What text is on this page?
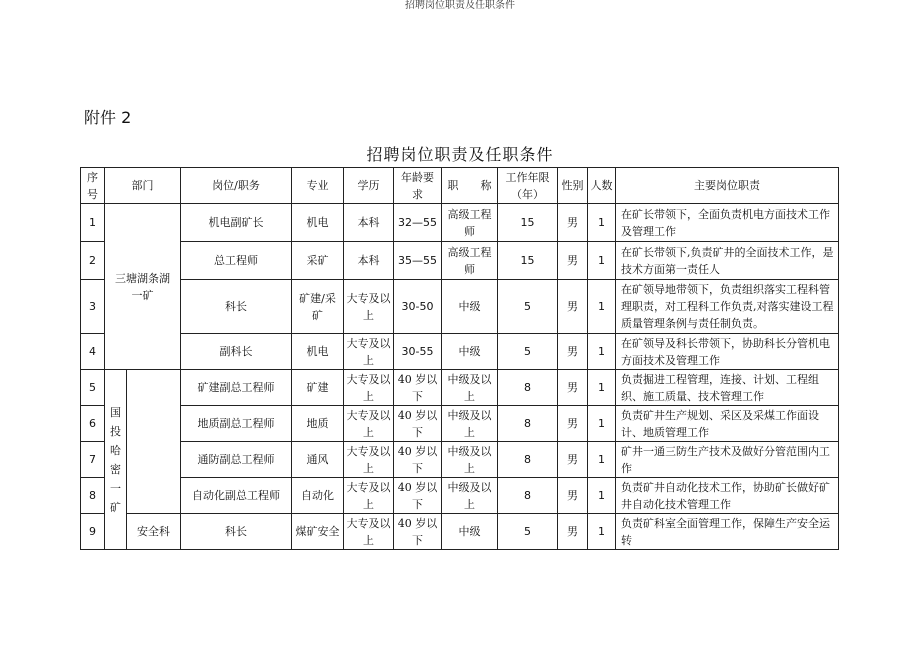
招聘岗位职责及任职条件
附件 2
招聘岗位职责及任职条件
序号	部门		岗位/职务	专业	学历	年龄要求	职　　称	工作年限（年）	性别	人数	主要岗位职责
1	三塘湖条湖一矿		机电副矿长	机电	本科	32—55	高级工程师	15	男	1	在矿长带领下，全面负责机电方面技术工作及管理工作
2			总工程师	采矿	本科	35—55	高级工程师	15	男	1	在矿长带领下,负责矿井的全面技术工作，是技术方面第一责任人
3			科长	矿建/采矿	大专及以上	30-50	中级	5	男	1	在矿领导地带领下，负责组织落实工程科管理职责，对工程科工作负责,对落实建设工程质量管理条例与责任制负责。
4			副科长	机电	大专及以上	30-55	中级	5	男	1	在矿领导及科长带领下，协助科长分管机电方面技术及管理工作
5	国投哈密一矿		矿建副总工程师	矿建	大专及以上	40 岁以下	中级及以上	8	男	1	负责掘进工程管理，连接、计划、工程组织、施工质量、技术管理工作
6			地质副总工程师	地质	大专及以上	40 岁以下	中级及以上	8	男	1	负责矿井生产规划、采区及采煤工作面设计、地质管理工作
7			通防副总工程师	通风	大专及以上	40 岁以下	中级及以上	8	男	1	矿井一通三防生产技术及做好分管范围内工作
8			自动化副总工程师	自动化	大专及以上	40 岁以下	中级及以上	8	男	1	负责矿井自动化技术工作，协助矿长做好矿井自动化技术管理工作
9		安全科	科长	煤矿安全	大专及以上	40 岁以下	中级	5	男	1	负责矿科室全面管理工作，保障生产安全运转
